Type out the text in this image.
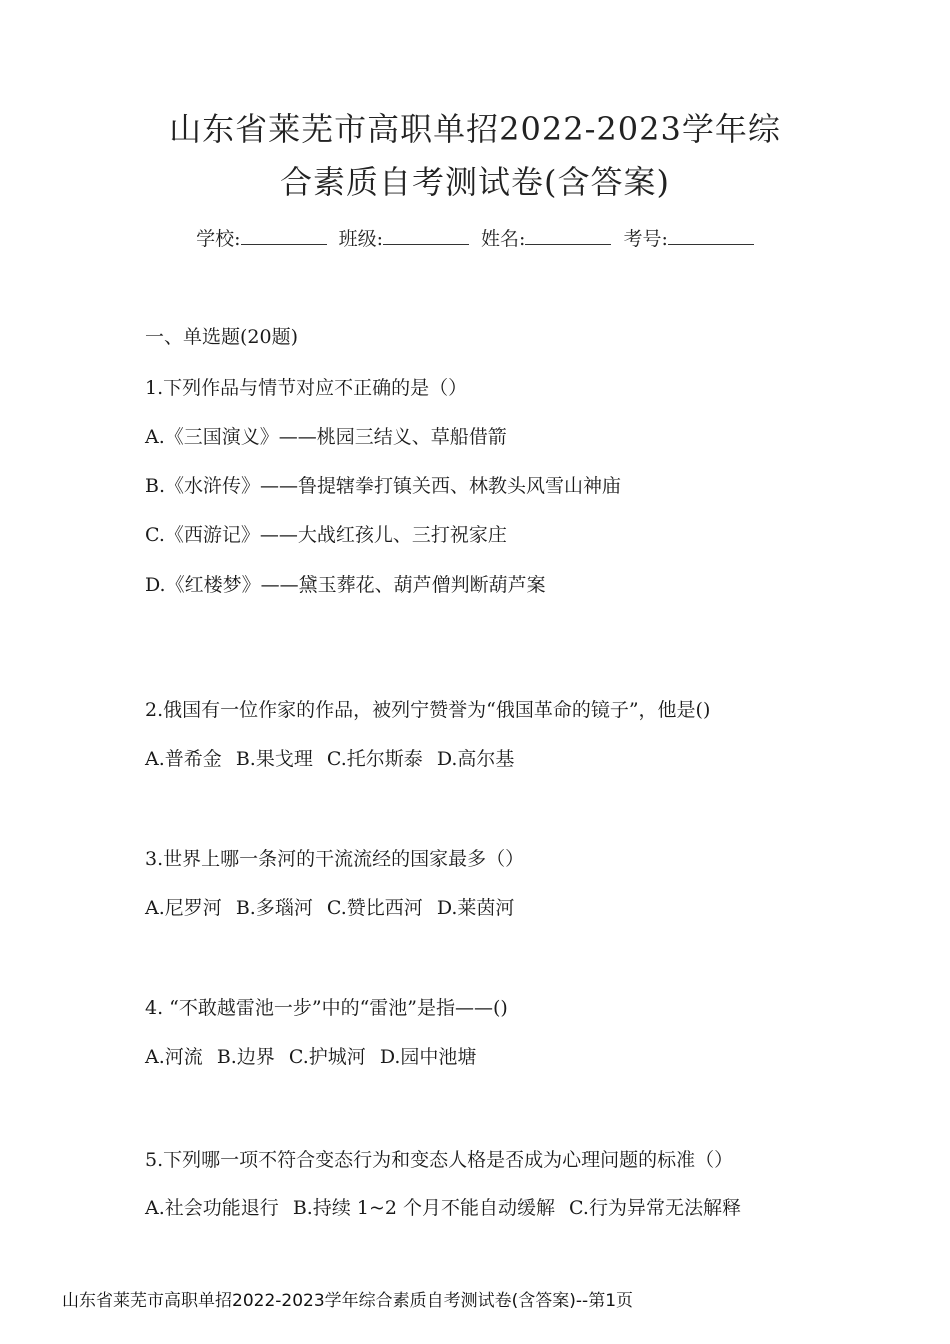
山东省莱芜市高职单招2022-2023学年综
合素质自考测试卷(含答案)
学校:	班级:	姓名:	考号:
一、单选题(20题)
1.下列作品与情节对应不正确的是（）
A.《三国演义》——桃园三结义、草船借箭
B.《水浒传》——鲁提辖拳打镇关西、林教头风雪山神庙
C.《西游记》——大战红孩儿、三打祝家庄
D.《红楼梦》——黛玉葬花、葫芦僧判断葫芦案
2.俄国有一位作家的作品，被列宁赞誉为“俄国革命的镜子”，他是()
A.普希金 B.果戈理 C.托尔斯泰 D.高尔基
3.世界上哪一条河的干流流经的国家最多（）
A.尼罗河 B.多瑙河 C.赞比西河 D.莱茵河
4. “不敢越雷池一步”中的“雷池”是指——()
A.河流 B.边界 C.护城河 D.园中池塘
5.下列哪一项不符合变态行为和变态人格是否成为心理问题的标准（）
A.社会功能退行 B.持续 1~2 个月不能自动缓解 C.行为异常无法解释
山东省莱芜市高职单招2022-2023学年综合素质自考测试卷(含答案)--第1页
